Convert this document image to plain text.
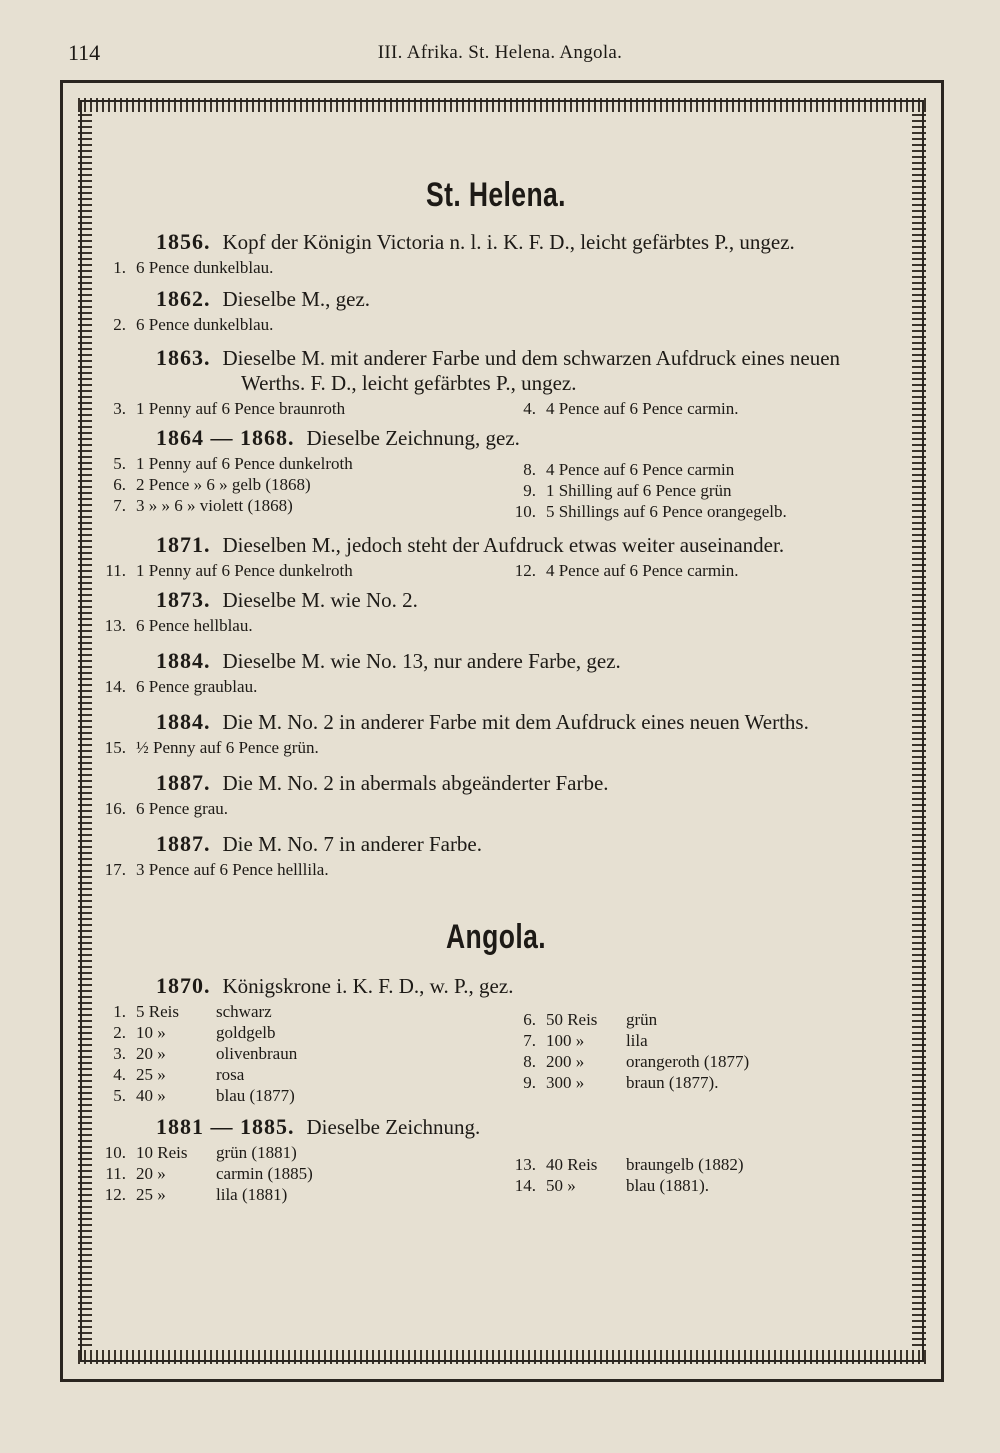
114	III. Afrika. St. Helena. Angola.
St. Helena.
1856. Kopf der Königin Victoria n. l. i. K. F. D., leicht gefärbtes P., ungez.
1. 6 Pence dunkelblau.
1862. Dieselbe M., gez.
2. 6 Pence dunkelblau.
1863. Dieselbe M. mit anderer Farbe und dem schwarzen Aufdruck eines neuen Werths. F. D., leicht gefärbtes P., ungez.
3. 1 Penny auf 6 Pence braunroth	4. 4 Pence auf 6 Pence carmin.
1864 — 1868. Dieselbe Zeichnung, gez.
5. 1 Penny auf 6 Pence dunkelroth
6. 2 Pence » 6 » gelb (1868)
7. 3 » » 6 » violett (1868)
8. 4 Pence auf 6 Pence carmin
9. 1 Shilling auf 6 Pence grün
10. 5 Shillings auf 6 Pence orangegelb.
1871. Dieselben M., jedoch steht der Aufdruck etwas weiter auseinander.
11. 1 Penny auf 6 Pence dunkelroth	12. 4 Pence auf 6 Pence carmin.
1873. Dieselbe M. wie No. 2.
13. 6 Pence hellblau.
1884. Dieselbe M. wie No. 13, nur andere Farbe, gez.
14. 6 Pence graublau.
1884. Die M. No. 2 in anderer Farbe mit dem Aufdruck eines neuen Werths.
15. ½ Penny auf 6 Pence grün.
1887. Die M. No. 2 in abermals abgeänderter Farbe.
16. 6 Pence grau.
1887. Die M. No. 7 in anderer Farbe.
17. 3 Pence auf 6 Pence helllila.
Angola.
1870. Königskrone i. K. F. D., w. P., gez.
1. 5 Reis	schwarz
2. 10 »	goldgelb
3. 20 »	olivenbraun
4. 25 »	rosa
5. 40 »	blau (1877)
6. 50 Reis	grün
7. 100 »	lila
8. 200 »	orangeroth (1877)
9. 300 »	braun (1877).
1881 — 1885. Dieselbe Zeichnung.
10. 10 Reis	grün (1881)
11. 20 »	carmin (1885)
12. 25 »	lila (1881)
13. 40 Reis	braungelb (1882)
14. 50 »	blau (1881).
